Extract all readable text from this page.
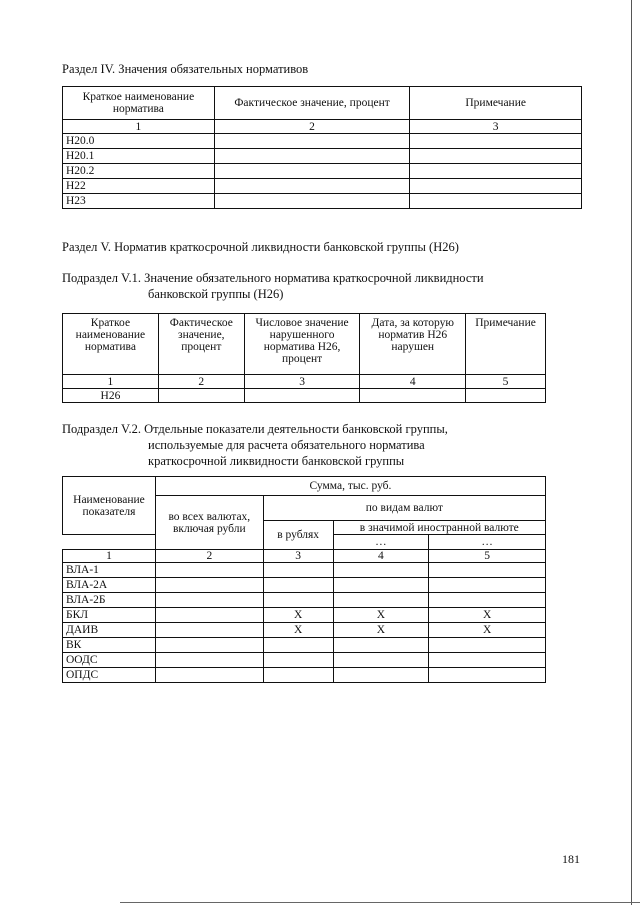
Раздел IV. Значения обязательных нормативов
Краткое наименование норматива	Фактическое значение, процент	Примечание
1	2	3
Н20.0		
Н20.1		
Н20.2		
Н22		
Н23		
Раздел V. Норматив краткосрочной ликвидности банковской группы (Н26)
Подраздел V.1. Значение обязательного норматива краткосрочной ликвидности
банковской группы (Н26)
Краткое наименование норматива	Фактическое значение, процент	Числовое значение нарушенного норматива Н26, процент	Дата, за которую норматив Н26 нарушен	Примечание
1	2	3	4	5
Н26				
Подраздел V.2. Отдельные показатели деятельности банковской группы,
используемые для расчета обязательного норматива
краткосрочной ликвидности банковской группы
Наименование показателя	Сумма, тыс. руб.			
	во всех валютах, включая рубли	по видам валют		
		в рублях	в значимой иностранной валюте	
			…	…
1	2	3	4	5
ВЛА-1				
ВЛА-2А				
ВЛА-2Б				
БКЛ		X	X	X
ДАИВ		X	X	X
ВК				
ООДС				
ОПДС				
181
